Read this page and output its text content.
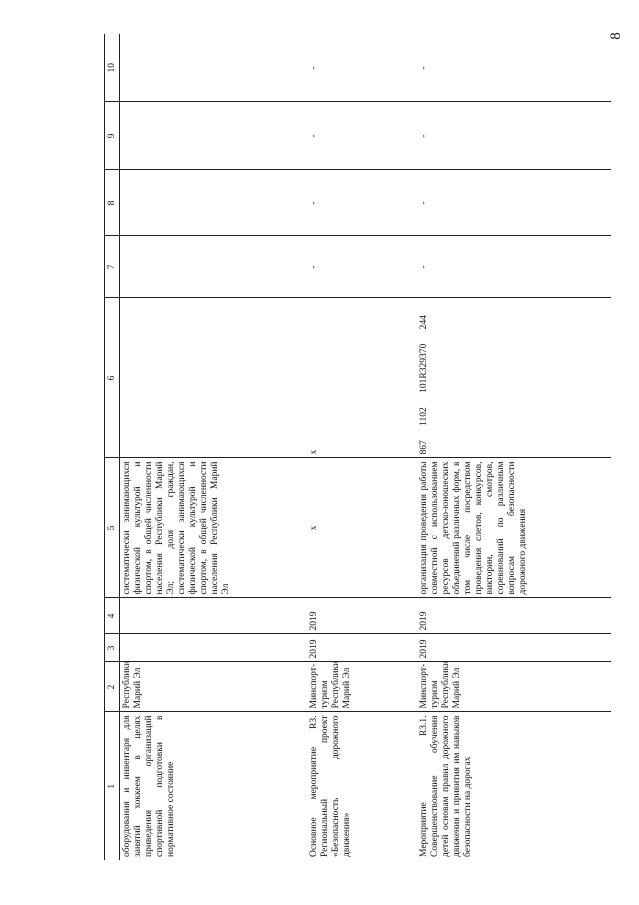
8
1	2	3	4	5	6	7	8	9	10
оборудования и инвентаря для занятий хоккеем в целях приведения организаций спортивной подготовки в нормативное состояние	Республики Марий Эл			систематически занимающихся физической культурой и спортом, в общей численности населения Республики Марий Эл; доля граждан, систематически занимающихся физической культурой и спортом, в общей численности населения Республики Марий Эл					
Основное мероприятие R3. Региональный проект «Безопасность дорожного движения»	Минспорт-туризм Республики Марий Эл	2019	2019	х	х	-	-	-	-
Мероприятие R3.1. Совершенствование обучения детей основам правил дорожного движения и привития им навыков безопасности на дорогах	Минспорт-туризм Республики Марий Эл	2019	2019	организация проведения работы совместной с использованием ресурсов детско-юношеских объединений различных форм, в том числе посредством проведения слетов, конкурсов, викторин, смотров, соревнований по различным вопросам безопасности дорожного движения	867 1102 101R329370 244	-	-	-	-
